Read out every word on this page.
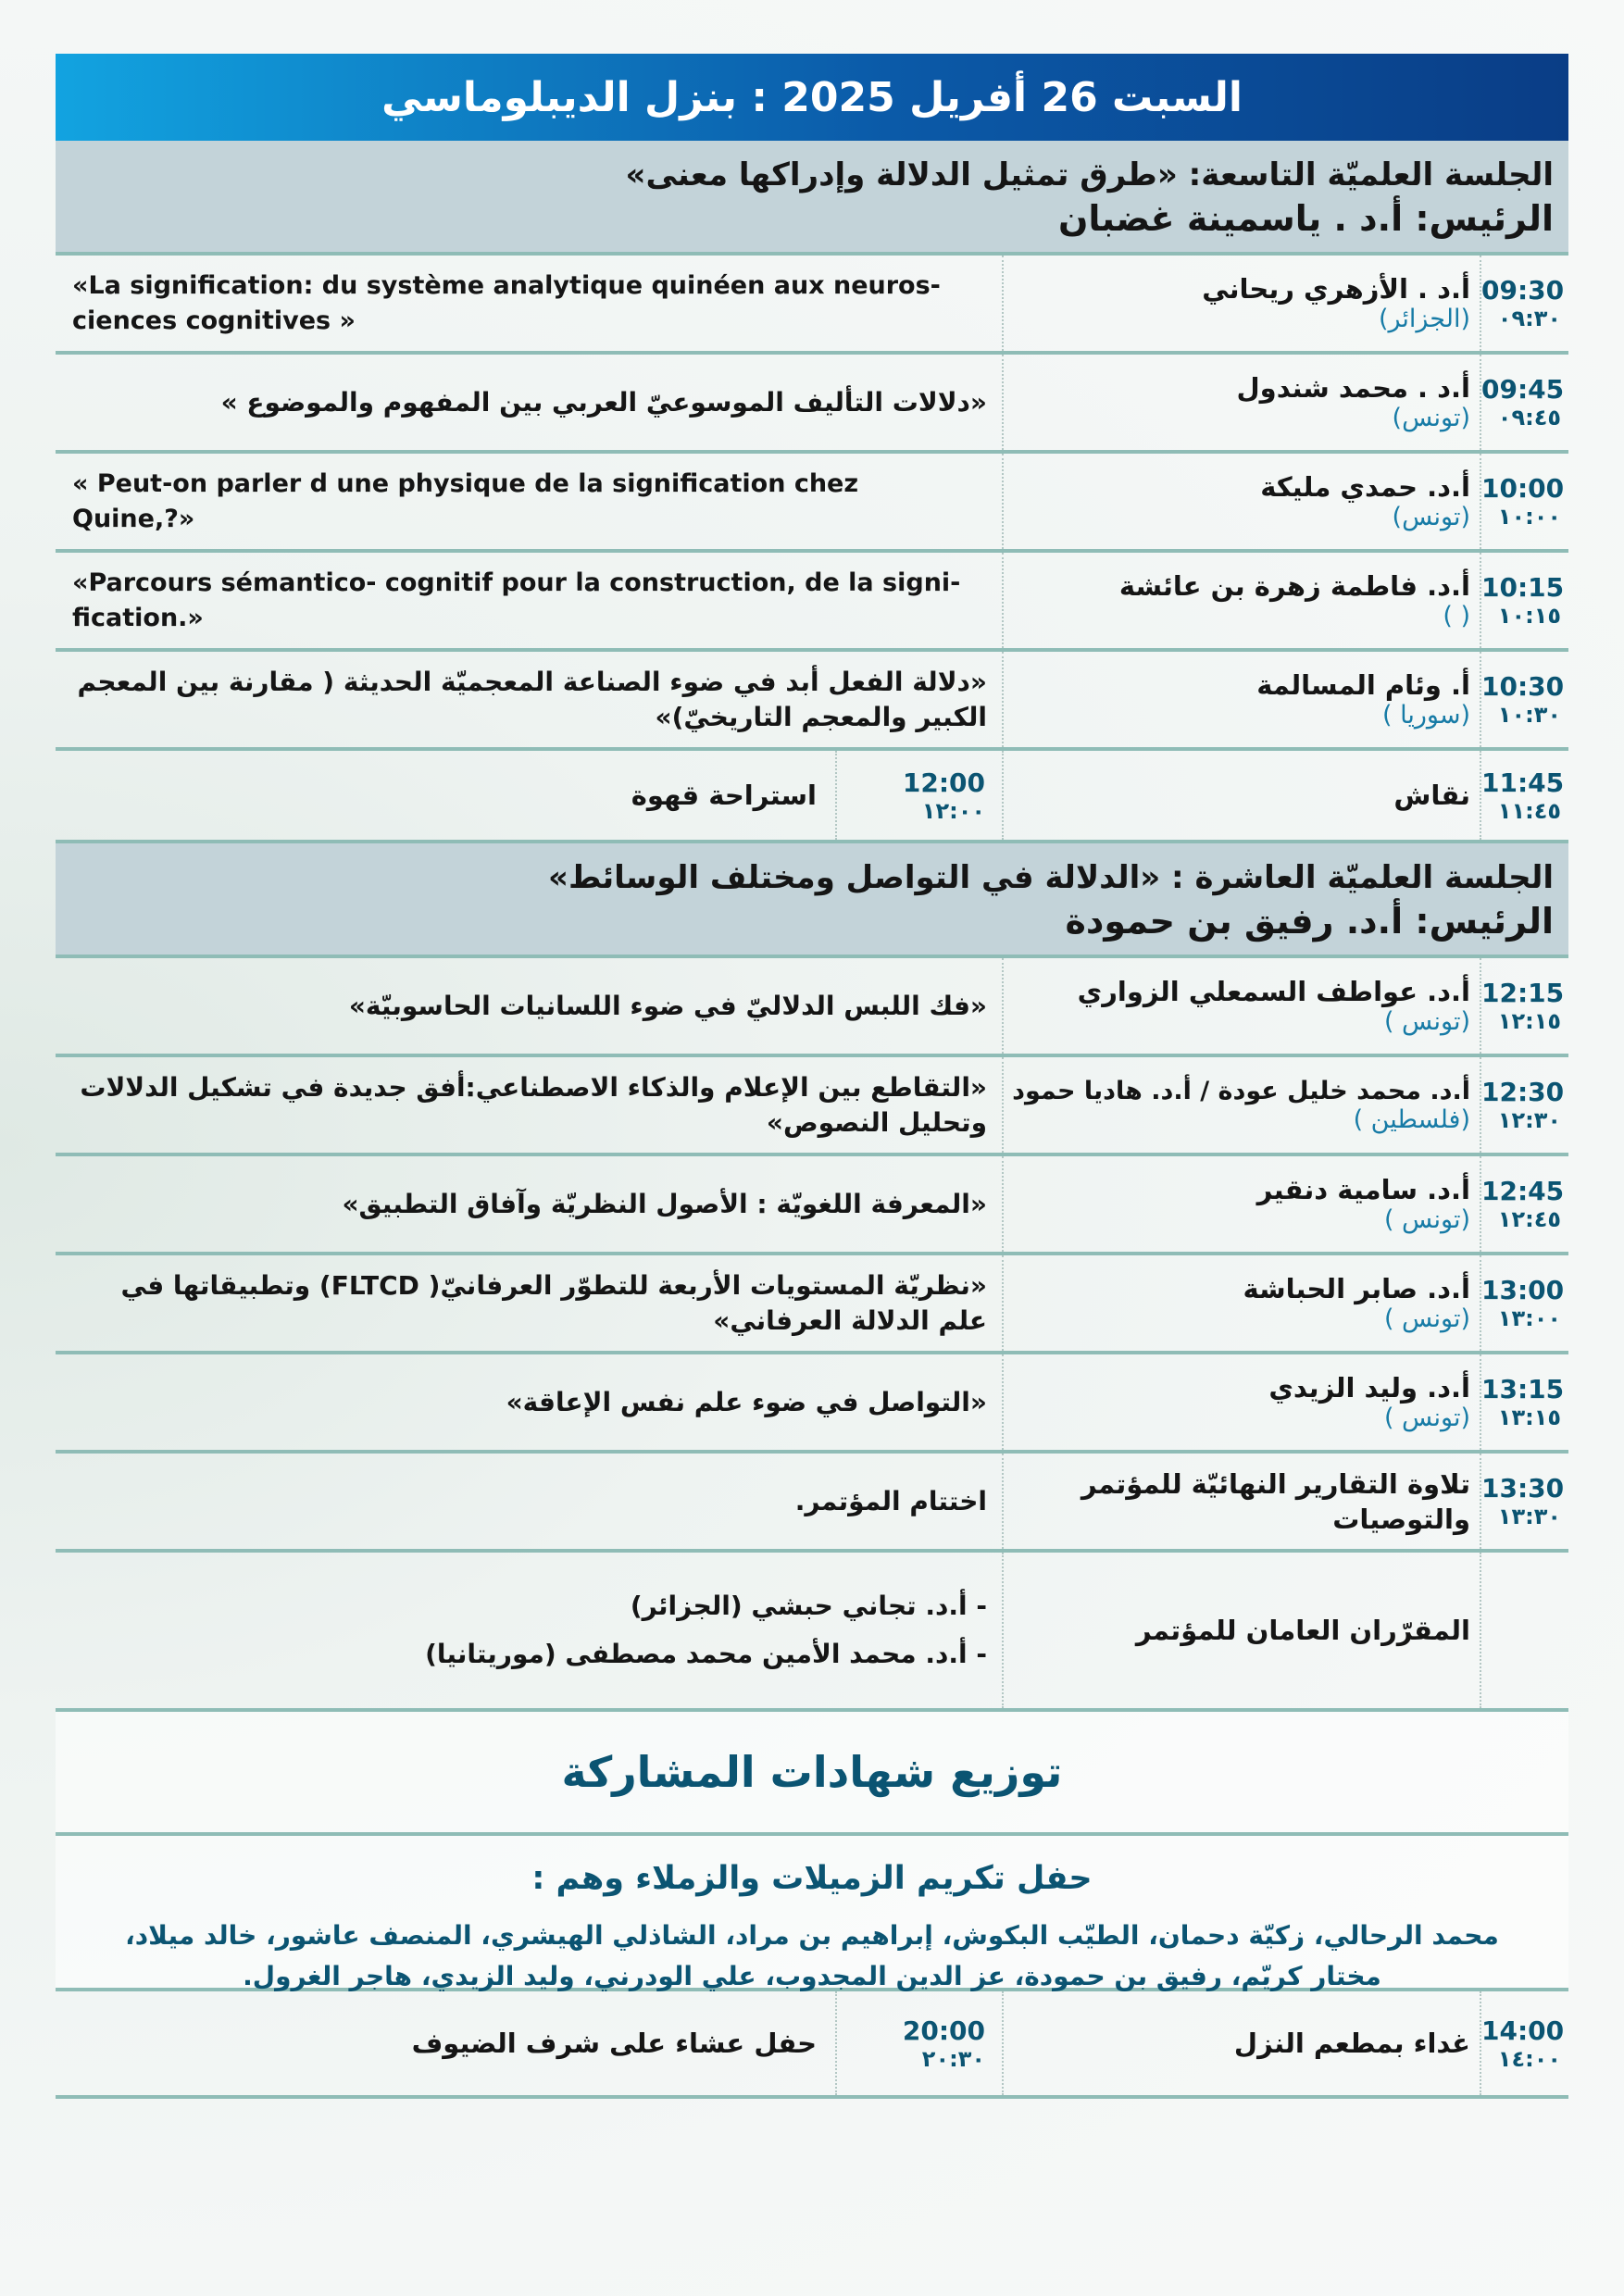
السبت 26 أفريل 2025 : بنزل الديبلوماسي
الجلسة العلميّة التاسعة: «طرق تمثيل الدلالة وإدراكها معنى»
الرئيس: أ.د . ياسمينة غضبان
09:30
٠٩:٣٠
أ.د . الأزهري ريحاني
(الجزائر)
«La signification: du système analytique quinéen aux neuros-ciences cognitives »
09:45
٠٩:٤٥
أ.د . محمد شندول
(تونس)
«دلالات التأليف الموسوعيّ العربي بين المفهوم والموضوع »
10:00
١٠:٠٠
أ.د. حمدي مليكة
(تونس)
« Peut-on parler d une physique de la signification chez Quine,?»
10:15
١٠:١٥
أ.د. فاطمة زهرة بن عائشة
( )
«Parcours sémantico- cognitif pour la construction, de la signi-fication.»
10:30
١٠:٣٠
أ. وئام المسالمة
(سوريا )
«دلالة الفعل أبد في ضوء الصناعة المعجميّة الحديثة ( مقارنة بين المعجم الكبير والمعجم التاريخيّ)»
11:45
١١:٤٥
نقاش
12:00
١٢:٠٠
استراحة قهوة
الجلسة العلميّة العاشرة : «الدلالة في التواصل ومختلف الوسائط»
الرئيس: أ.د. رفيق بن حمودة
12:15
١٢:١٥
أ.د. عواطف السمعلي الزواري
(تونس )
«فك اللبس الدلاليّ في ضوء اللسانيات الحاسوبيّة»
12:30
١٢:٣٠
أ.د. محمد خليل عودة / أ.د. هاديا حمود
(فلسطين )
«التقاطع بين الإعلام والذكاء الاصطناعي:أفق جديدة في تشكيل الدلالات وتحليل النصوص»
12:45
١٢:٤٥
أ.د. سامية دنقير
(تونس )
«المعرفة اللغويّة : الأصول النظريّة وآفاق التطبيق»
13:00
١٣:٠٠
أ.د. صابر الحباشة
(تونس )
«نظريّة المستويات الأربعة للتطوّر العرفانيّ( FLTCD) وتطبيقاتها في علم الدلالة العرفاني»
13:15
١٣:١٥
أ.د. وليد الزيدي
(تونس )
«التواصل في ضوء علم نفس الإعاقة»
13:30
١٣:٣٠
تلاوة التقارير النهائيّة للمؤتمر والتوصيات
اختتام المؤتمر.
المقرّران العامان للمؤتمر
- أ.د. تجاني حبشي (الجزائر)
- أ.د. محمد الأمين محمد مصطفى (موريتانيا)
توزيع شهادات المشاركة
حفل تكريم الزميلات والزملاء وهم :
محمد الرحالي، زكيّة دحمان، الطيّب البكوش، إبراهيم بن مراد، الشاذلي الهيشري، المنصف عاشور، خالد ميلاد،
مختار كريّم، رفيق بن حمودة، عز الدين المجدوب، علي الودرني، وليد الزيدي، هاجر الغرول.
14:00
١٤:٠٠
غداء بمطعم النزل
20:00
٢٠:٣٠
حفل عشاء على شرف الضيوف
